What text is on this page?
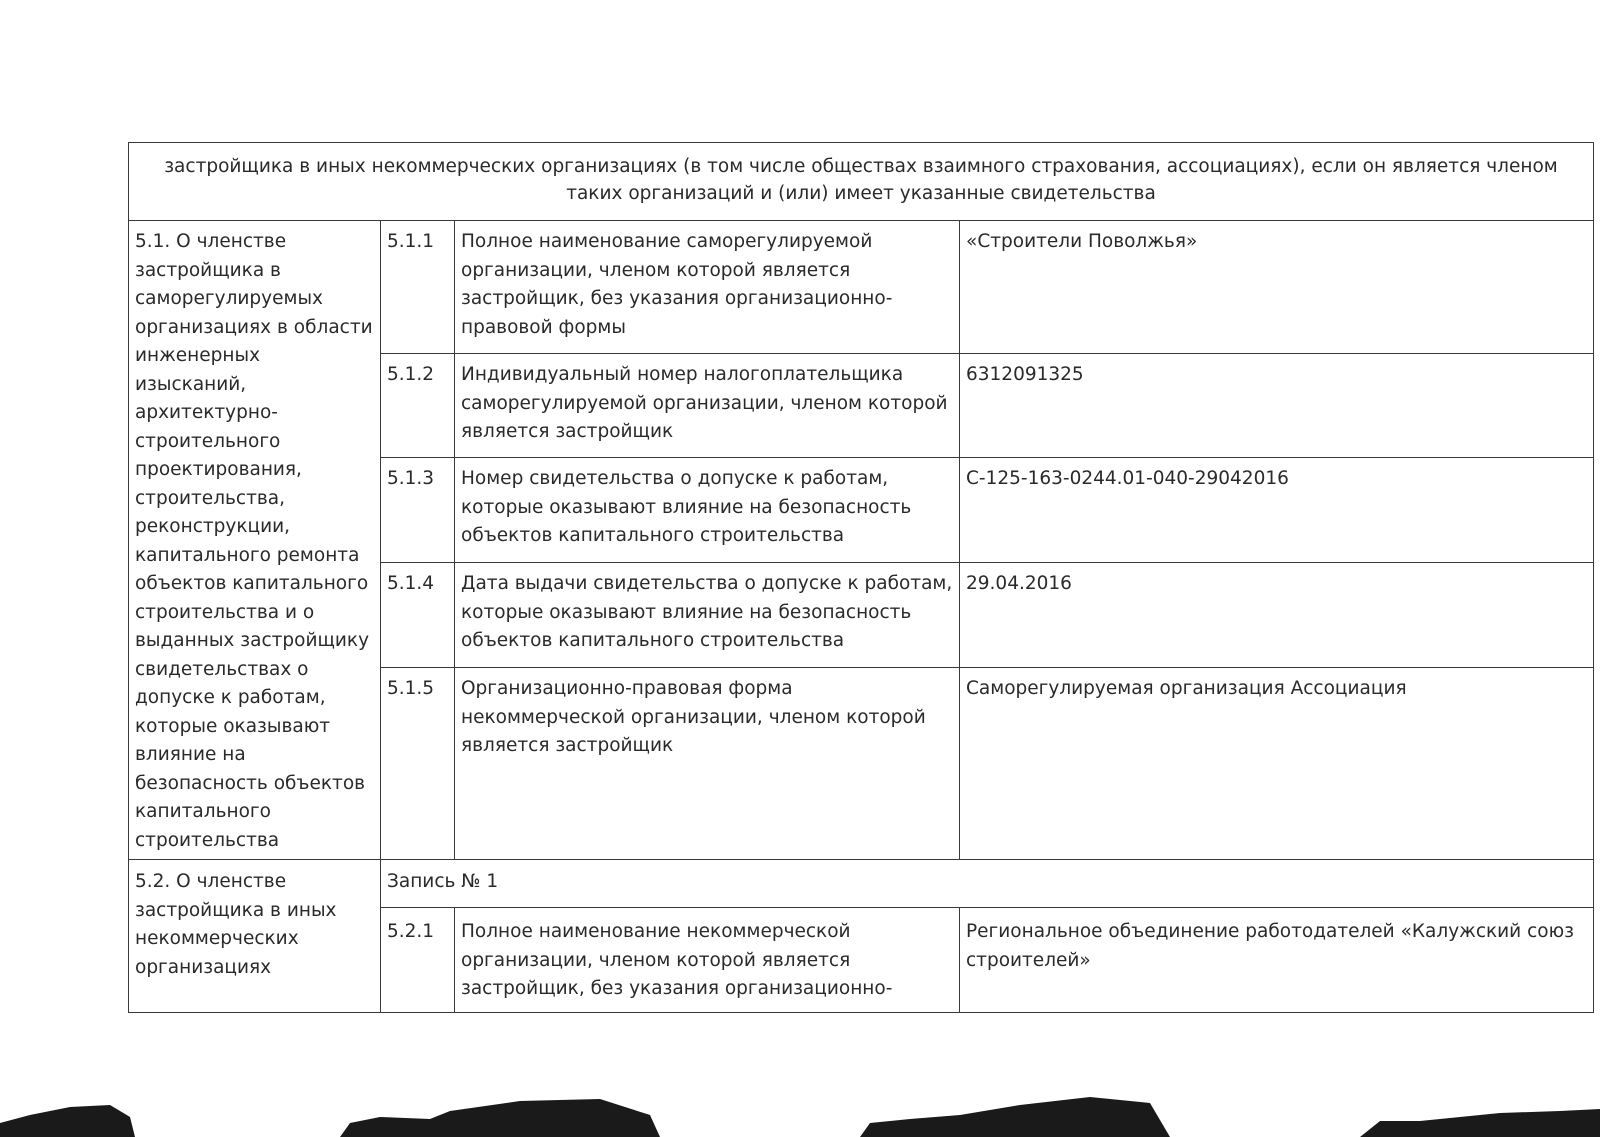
застройщика в иных некоммерческих организациях (в том числе обществах взаимного страхования, ассоциациях), если он является членом таких организаций и (или) имеет указанные свидетельства			
5.1. О членстве застройщика в саморегулируемых организациях в области инженерных изысканий, архитектурно-строительного проектирования, строительства, реконструкции, капитального ремонта объектов капитального строительства и о выданных застройщику свидетельствах о допуске к работам, которые оказывают влияние на безопасность объектов капитального строительства	5.1.1	Полное наименование саморегулируемой организации, членом которой является застройщик, без указания организационно-правовой формы	«Строители Поволжья»
	5.1.2	Индивидуальный номер налогоплательщика саморегулируемой организации, членом которой является застройщик	6312091325
	5.1.3	Номер свидетельства о допуске к работам, которые оказывают влияние на безопасность объектов капитального строительства	С-125-163-0244.01-040-29042016
	5.1.4	Дата выдачи свидетельства о допуске к работам, которые оказывают влияние на безопасность объектов капитального строительства	29.04.2016
	5.1.5	Организационно-правовая форма некоммерческой организации, членом которой является застройщик	Саморегулируемая организация Ассоциация
5.2. О членстве застройщика в иных некоммерческих организациях	Запись № 1		
	5.2.1	Полное наименование некоммерческой организации, членом которой является застройщик, без указания организационно-	Региональное объединение работодателей «Калужский союз строителей»
